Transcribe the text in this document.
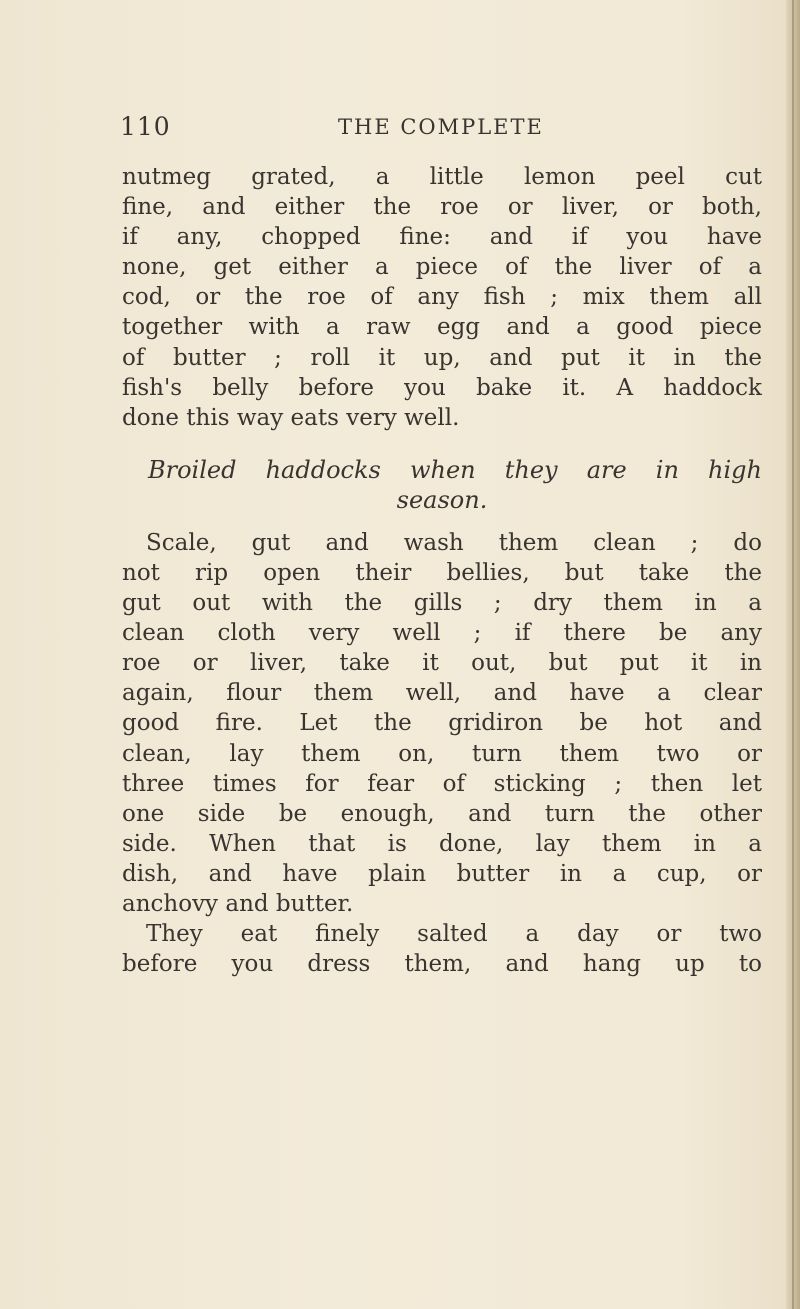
110	THE COMPLETE
nutmeg grated, a little lemon peel cut
fine, and either the roe or liver, or both,
if any, chopped fine: and if you have
none, get either a piece of the liver of a
cod, or the roe of any fish ; mix them all
together with a raw egg and a good piece
of butter ; roll it up, and put it in the
fish's belly before you bake it. A haddock
done this way eats very well.
Broiled haddocks when they are in high
season.
Scale, gut and wash them clean ; do
not rip open their bellies, but take the
gut out with the gills ; dry them in a
clean cloth very well ; if there be any
roe or liver, take it out, but put it in
again, flour them well, and have a clear
good fire. Let the gridiron be hot and
clean, lay them on, turn them two or
three times for fear of sticking ; then let
one side be enough, and turn the other
side. When that is done, lay them in a
dish, and have plain butter in a cup, or
anchovy and butter.
They eat finely salted a day or two
before you dress them, and hang up to
